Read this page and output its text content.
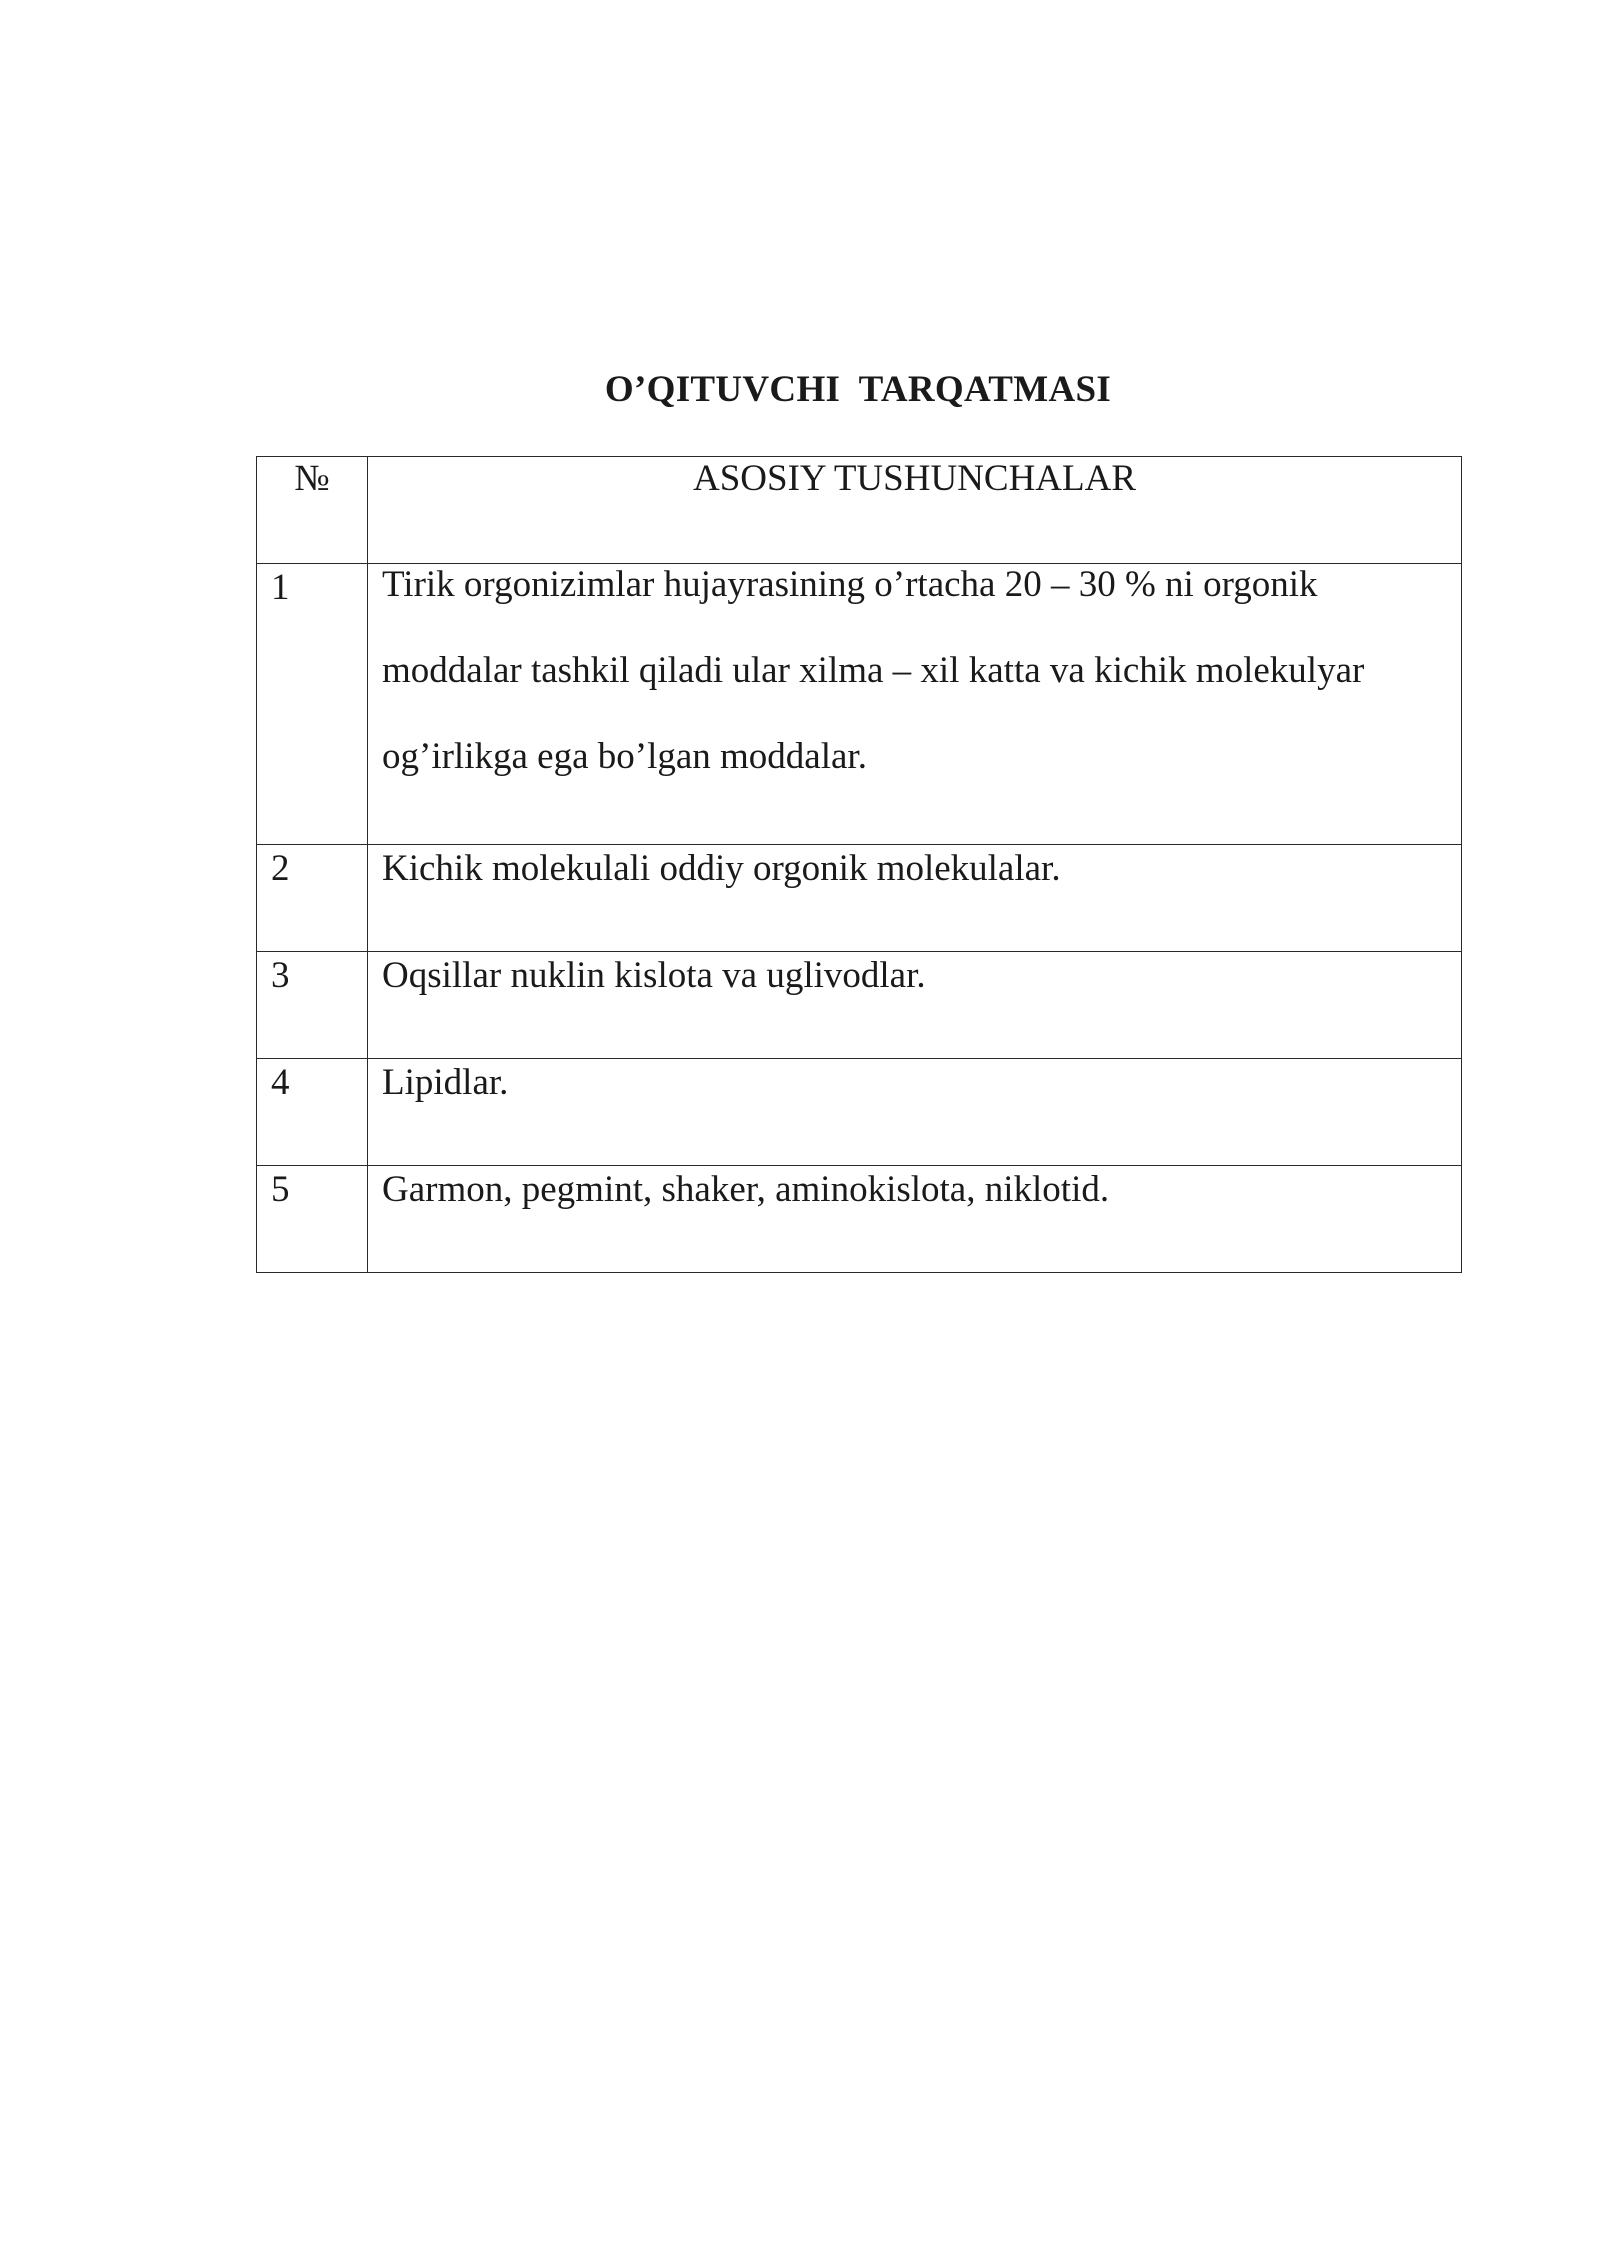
O’QITUVCHI  TARQATMASI
№	ASOSIY TUSHUNCHALAR
1	Tirik orgonizimlar hujayrasining o’rtacha 20 – 30 % ni orgonik moddalar tashkil qiladi ular xilma – xil katta va kichik molekulyar og’irlikga ega bo’lgan moddalar.

2	Kichik molekulali oddiy orgonik molekulalar.
3	Oqsillar nuklin kislota va uglivodlar.
4	Lipidlar.
5	Garmon, pegmint, shaker, aminokislota, niklotid.
